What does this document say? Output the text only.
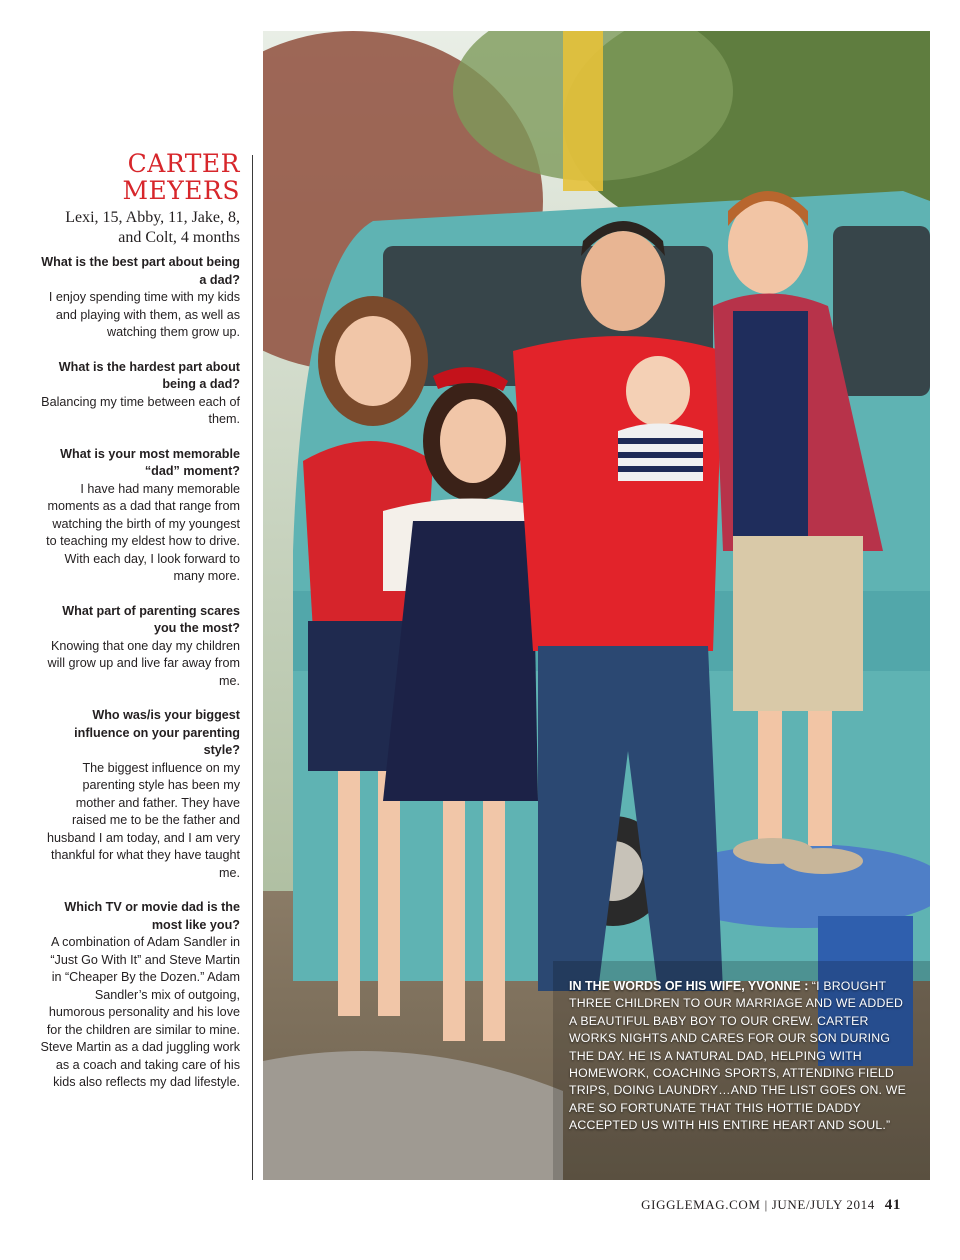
CARTER
MEYERS
Lexi, 15, Abby, 11, Jake, 8, and Colt, 4 months
What is the best part about being a dad?
I enjoy spending time with my kids and playing with them, as well as watching them grow up.
What is the hardest part about being a dad?
Balancing my time between each of them.
What is your most memorable “dad” moment?
I have had many memorable moments as a dad that range from watching the birth of my youngest to teaching my eldest how to drive. With each day, I look forward to many more.
What part of parenting scares you the most?
Knowing that one day my children will grow up and live far away from me.
Who was/is your biggest influence on your parenting style?
The biggest influence on my parenting style has been my mother and father. They have raised me to be the father and husband I am today, and I am very thankful for what they have taught me.
Which TV or movie dad is the most like you?
A combination of Adam Sandler in “Just Go With It” and Steve Martin in “Cheaper By the Dozen.” Adam Sandler’s mix of outgoing, humorous personality and his love for the children are similar to mine. Steve Martin as a dad juggling work as a coach and taking care of his kids also reflects my dad lifestyle.
IN THE WORDS OF HIS WIFE, YVONNE : “I BROUGHT THREE CHILDREN TO OUR MARRIAGE AND WE ADDED A BEAUTIFUL BABY BOY TO OUR CREW. CARTER WORKS NIGHTS AND CARES FOR OUR SON DURING THE DAY. HE IS A NATURAL DAD, HELPING WITH HOMEWORK, COACHING SPORTS, ATTENDING FIELD TRIPS, DOING LAUNDRY…AND THE LIST GOES ON. WE ARE SO FORTUNATE THAT THIS HOTTIE DADDY ACCEPTED US WITH HIS ENTIRE HEART AND SOUL.”
GIGGLEMAG.COM | JUNE/JULY 2014 41
